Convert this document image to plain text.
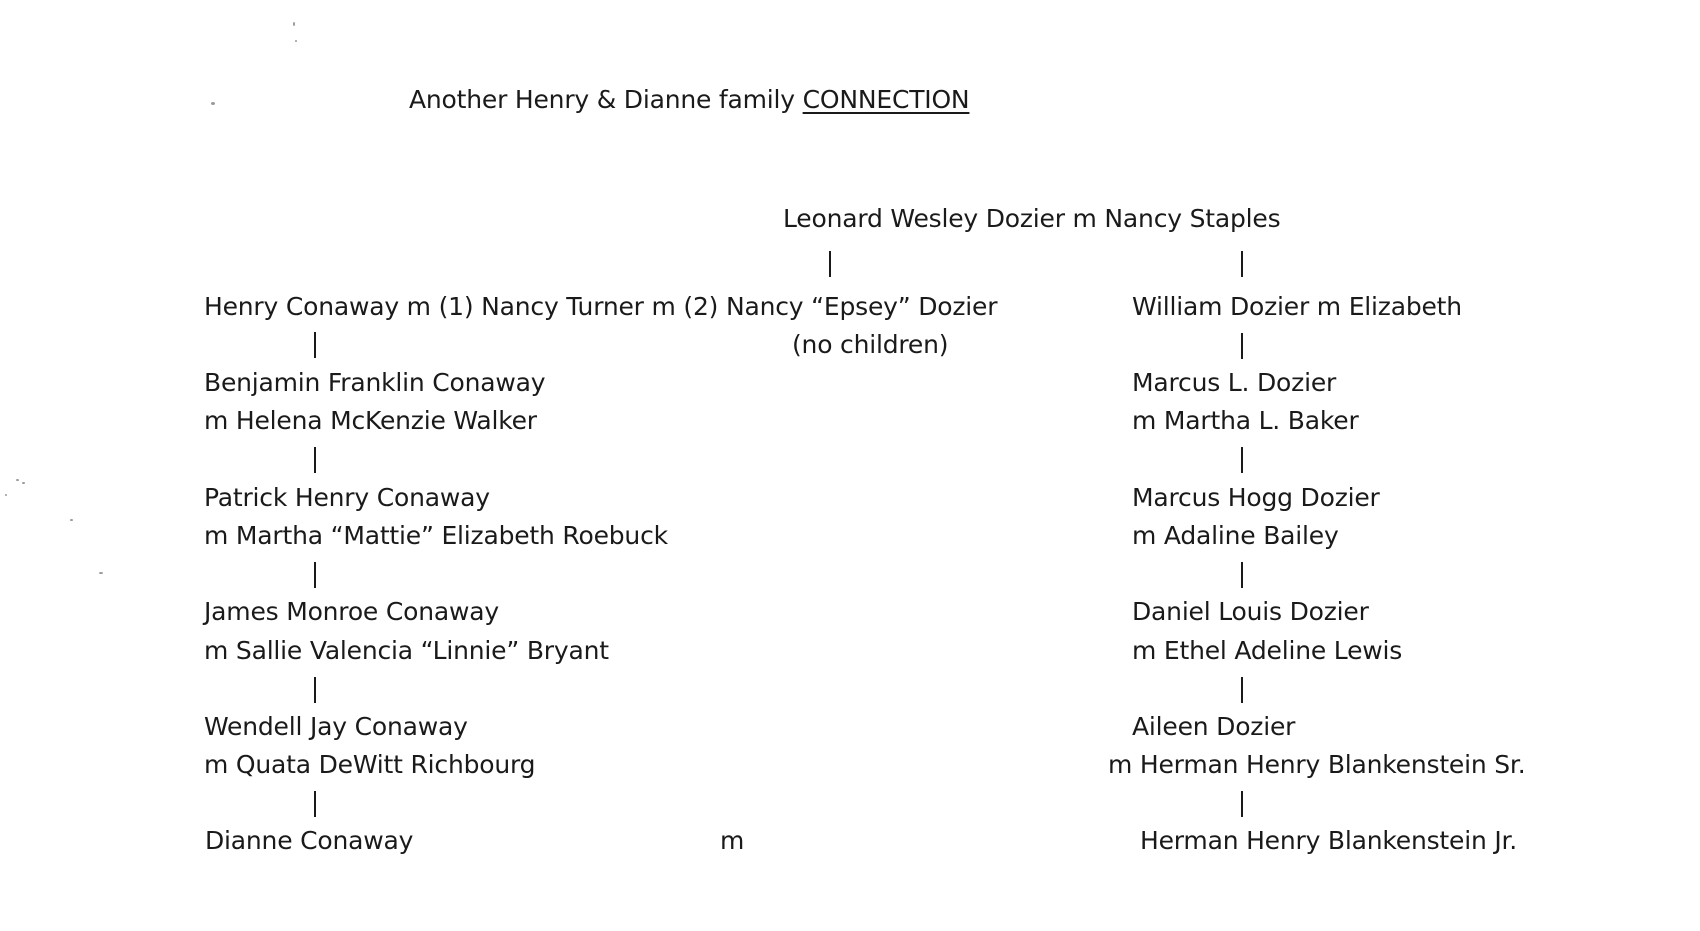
Another Henry & Dianne family CONNECTION
Leonard Wesley Dozier m Nancy Staples
Henry Conaway m (1) Nancy Turner m (2) Nancy “Epsey” Dozier
(no children)
Benjamin Franklin Conaway
m Helena McKenzie Walker
Patrick Henry Conaway
m Martha “Mattie” Elizabeth Roebuck
James Monroe Conaway
m Sallie Valencia “Linnie” Bryant
Wendell Jay Conaway
m Quata DeWitt Richbourg
Dianne Conaway	m
William Dozier m Elizabeth
Marcus L. Dozier
m Martha L. Baker
Marcus Hogg Dozier
m Adaline Bailey
Daniel Louis Dozier
m Ethel Adeline Lewis
Aileen Dozier
m Herman Henry Blankenstein Sr.
Herman Henry Blankenstein Jr.
